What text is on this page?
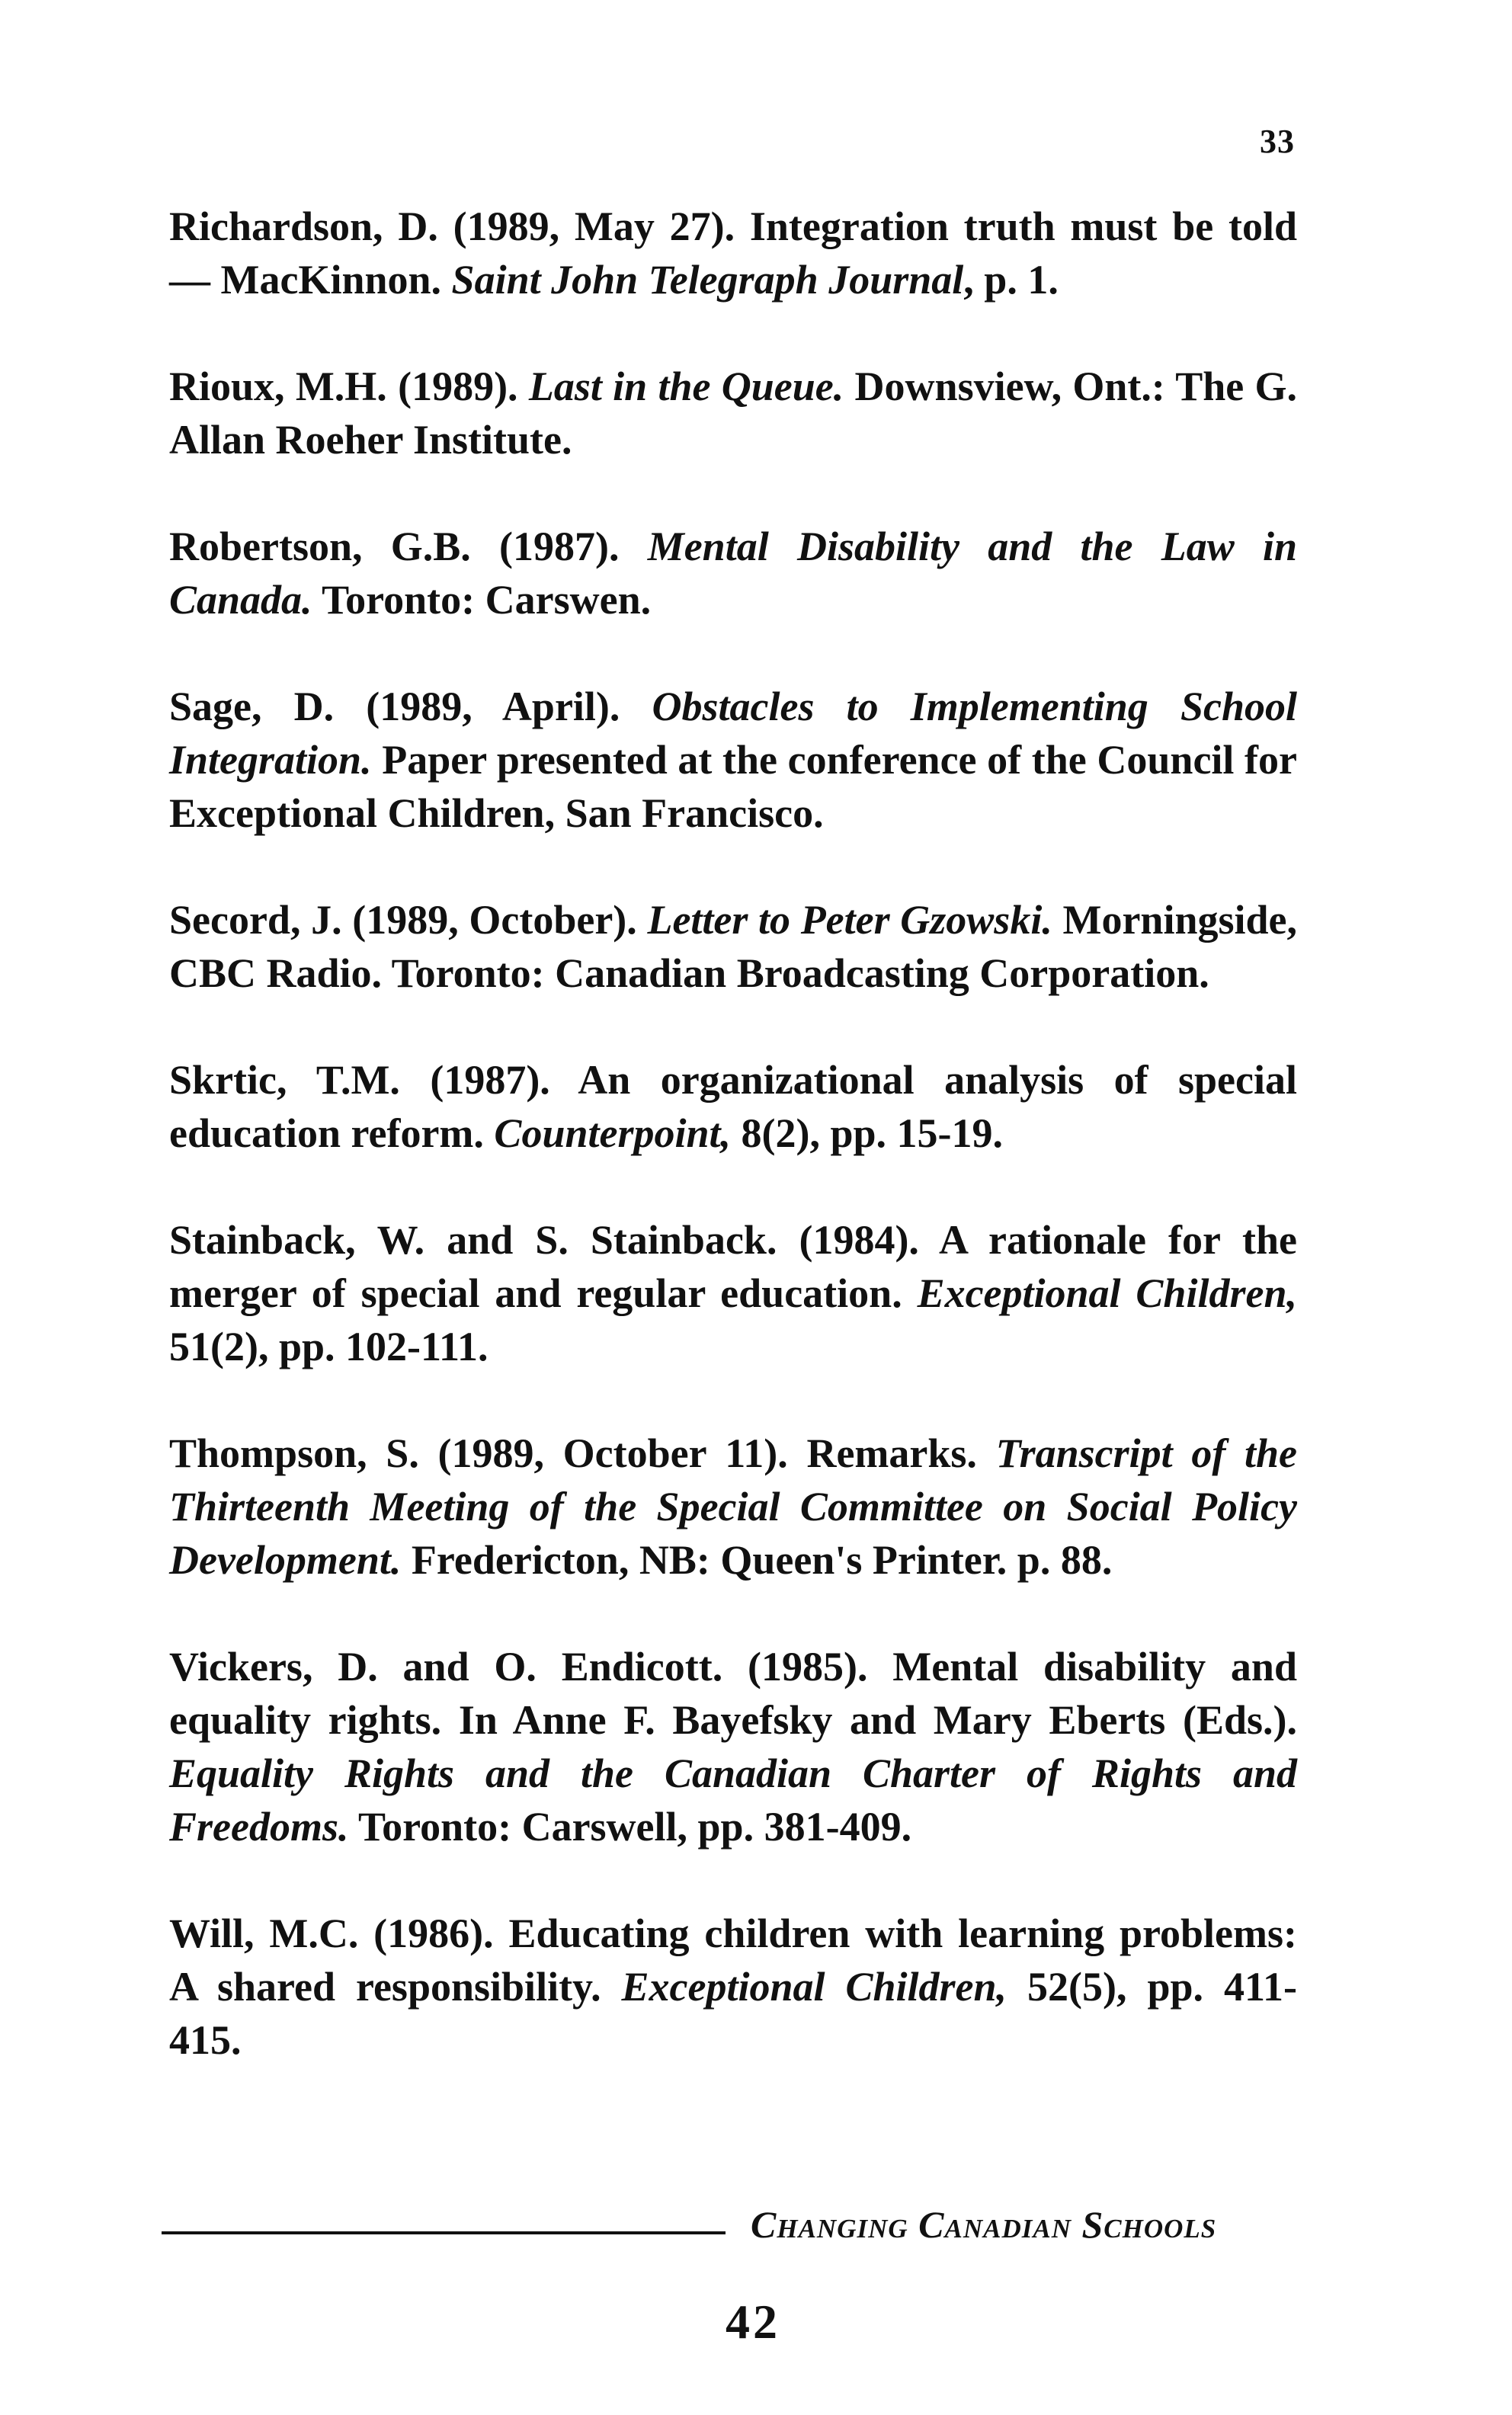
33
Richardson, D. (1989, May 27). Integration truth must be told — MacKinnon. Saint John Telegraph Journal, p. 1.
Rioux, M.H. (1989). Last in the Queue. Downsview, Ont.: The G. Allan Roeher Institute.
Robertson, G.B. (1987). Mental Disability and the Law in Canada. Toronto: Carswen.
Sage, D. (1989, April). Obstacles to Implementing School Integration. Paper presented at the conference of the Council for Exceptional Children, San Francisco.
Secord, J. (1989, October). Letter to Peter Gzowski. Morningside, CBC Radio. Toronto: Canadian Broadcasting Corporation.
Skrtic, T.M. (1987). An organizational analysis of special education reform. Counterpoint, 8(2), pp. 15-19.
Stainback, W. and S. Stainback. (1984). A rationale for the merger of special and regular education. Exceptional Children, 51(2), pp. 102-111.
Thompson, S. (1989, October 11). Remarks. Transcript of the Thirteenth Meeting of the Special Committee on Social Policy Development. Fredericton, NB: Queen's Printer. p. 88.
Vickers, D. and O. Endicott. (1985). Mental disability and equality rights. In Anne F. Bayefsky and Mary Eberts (Eds.). Equality Rights and the Canadian Charter of Rights and Freedoms. Toronto: Carswell, pp. 381-409.
Will, M.C. (1986). Educating children with learning problems: A shared responsibility. Exceptional Children, 52(5), pp. 411-415.
Changing Canadian Schools
42
